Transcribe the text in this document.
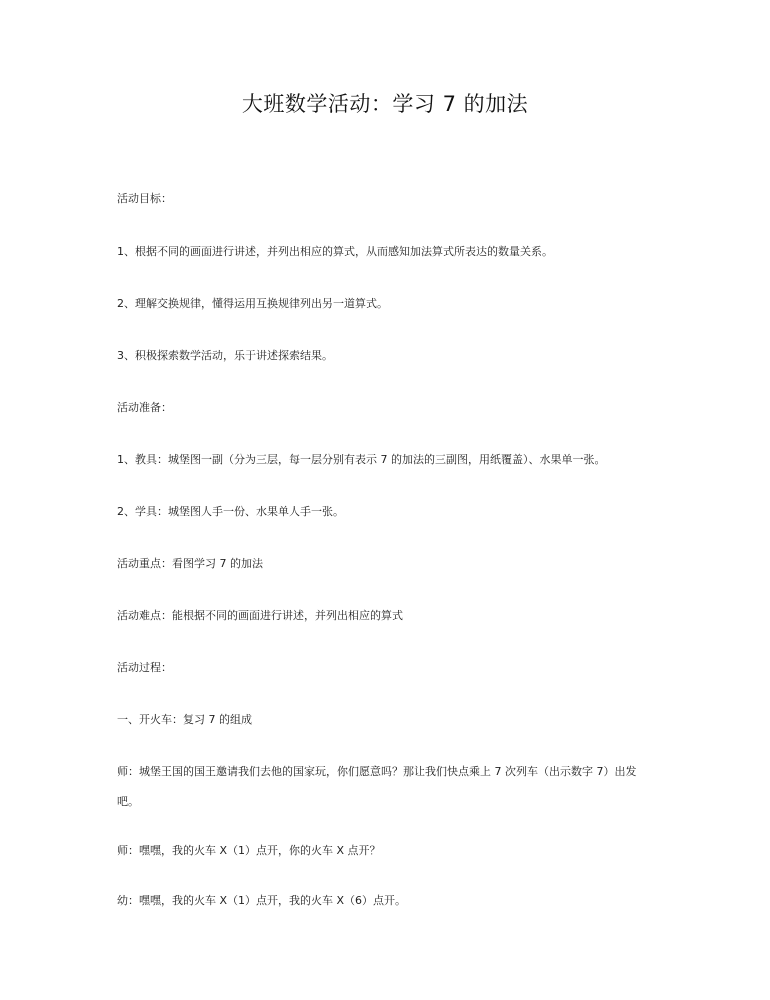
大班数学活动：学习 7 的加法

活动目标：

1、根据不同的画面进行讲述，并列出相应的算式，从而感知加法算式所表达的数量关系。

2、理解交换规律，懂得运用互换规律列出另一道算式。

3、积极探索数学活动，乐于讲述探索结果。

活动准备：

1、教具：城堡图一副（分为三层，每一层分别有表示 7 的加法的三副图，用纸覆盖）、水果单一张。

2、学具：城堡图人手一份、水果单人手一张。

活动重点：看图学习 7 的加法

活动难点：能根据不同的画面进行讲述，并列出相应的算式

活动过程：

一、开火车：复习 7 的组成

师：城堡王国的国王邀请我们去他的国家玩，你们愿意吗？那让我们快点乘上 7 次列车（出示数字 7）出发吧。

师：嘿嘿，我的火车 X（1）点开，你的火车 X 点开？

幼：嘿嘿，我的火车 X（1）点开，我的火车 X（6）点开。
